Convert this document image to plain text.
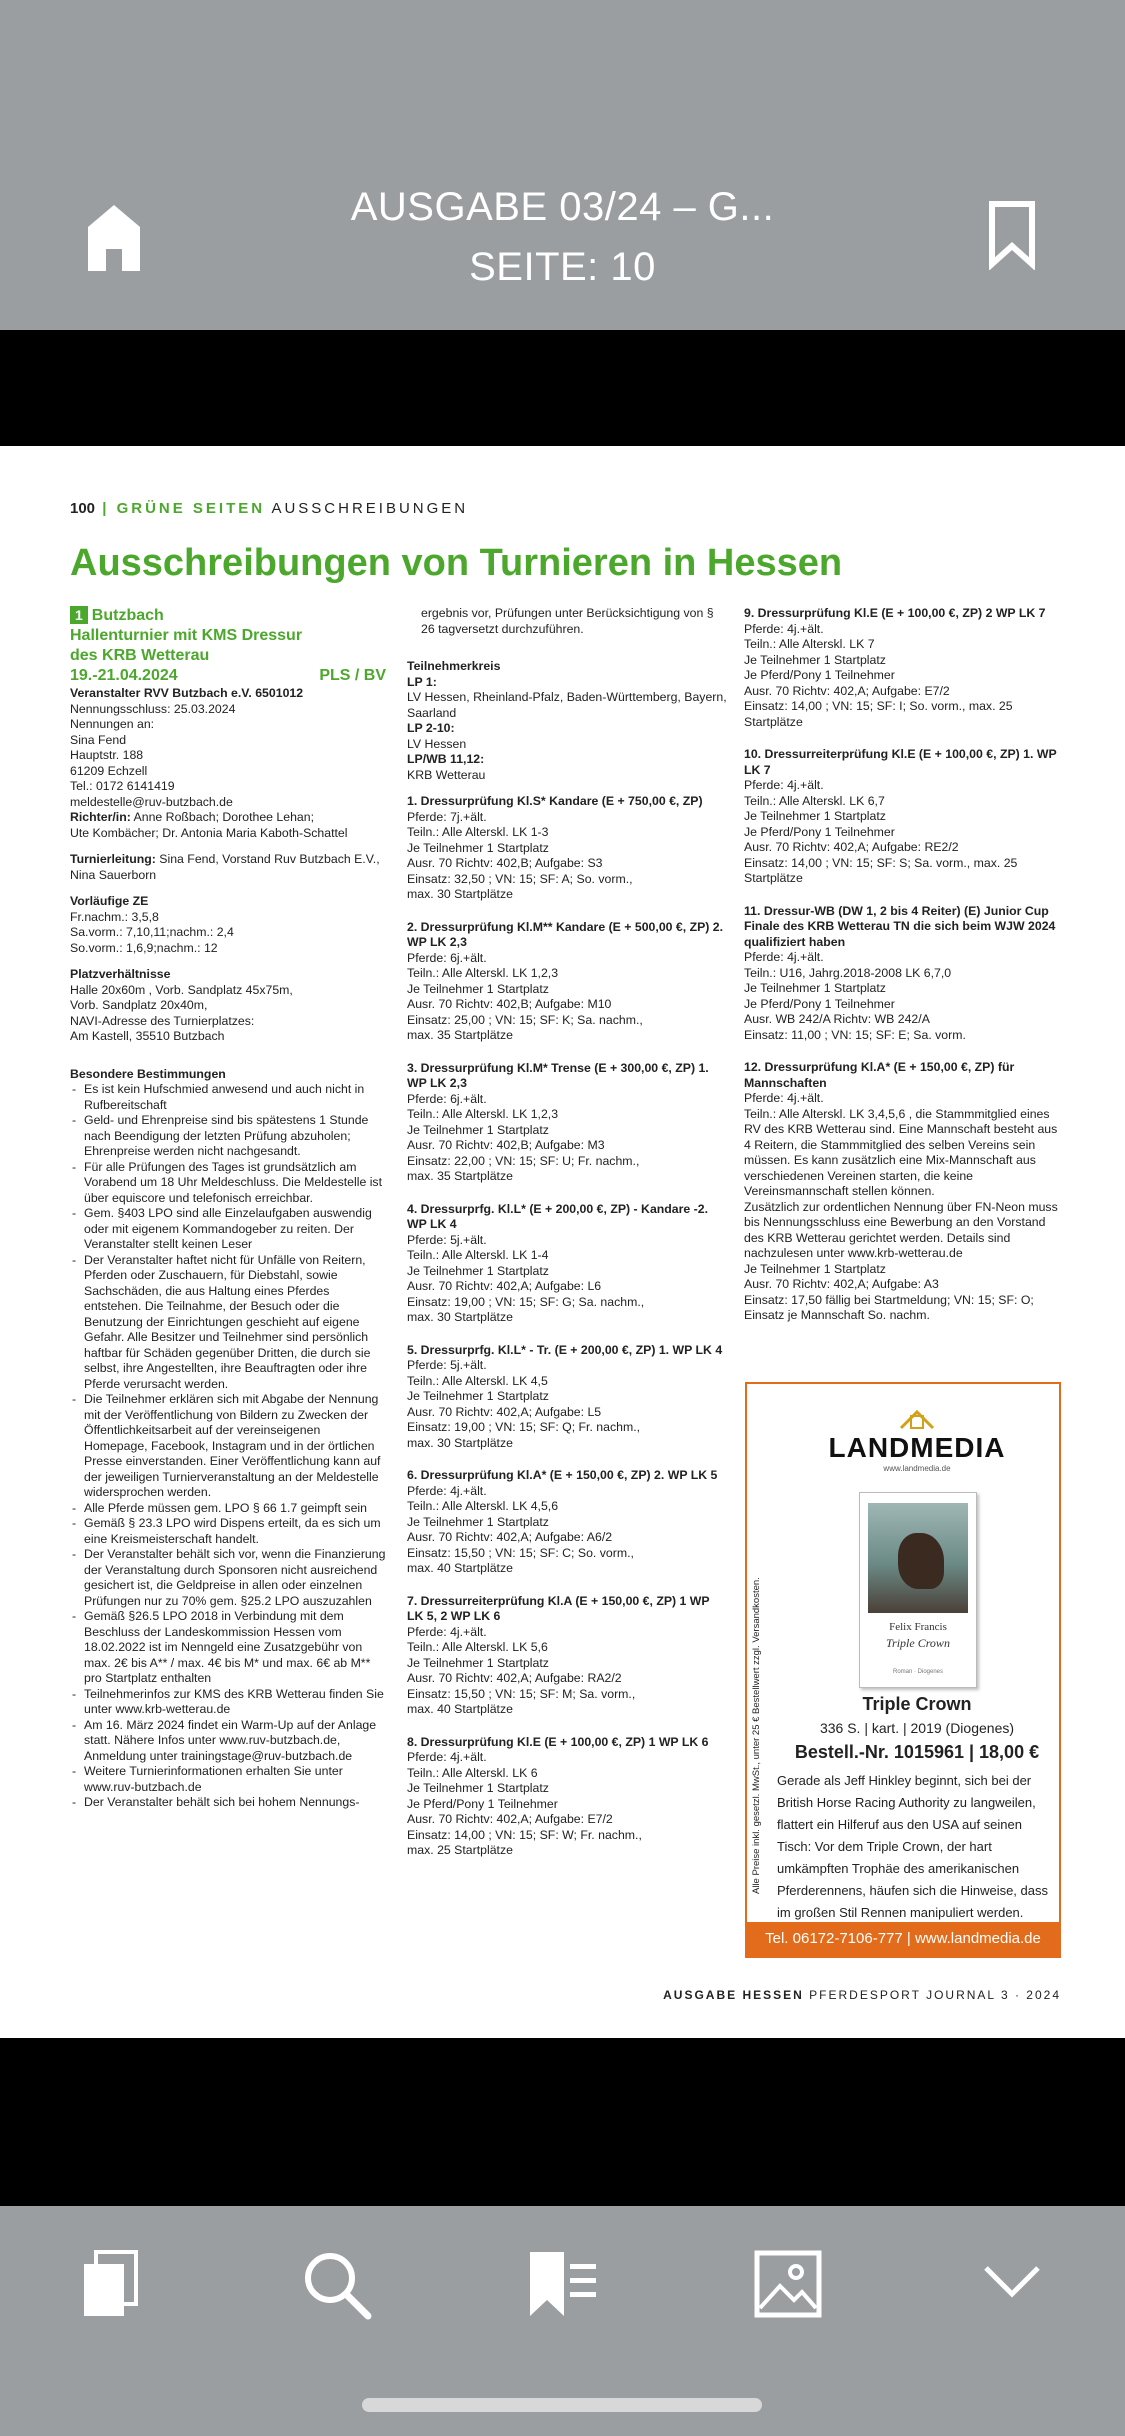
AUSGABE 03/24 – G...
SEITE: 10
100 | GRÜNE SEITEN AUSSCHREIBUNGEN
Ausschreibungen von Turnieren in Hessen
1 Butzbach
Hallenturnier mit KMS Dressur
des KRB Wetterau
19.-21.04.2024	PLS / BV

Veranstalter RVV Butzbach e.V. 6501012

Nennungsschluss: 25.03.2024

Nennungen an:

Sina Fend

Hauptstr. 188

61209 Echzell

Tel.: 0172 6141419

meldestelle@ruv-butzbach.de

Richter/in: Anne Roßbach; Dorothee Lehan;

Ute Kombächer; Dr. Antonia Maria Kaboth-Schattel

Turnierleitung: Sina Fend, Vorstand Ruv Butzbach E.V., Nina Sauerborn

Vorläufige ZE

Fr.nachm.: 3,5,8

Sa.vorm.: 7,10,11;nachm.: 2,4

So.vorm.: 1,6,9;nachm.: 12

Platzverhältnisse

Halle 20x60m , Vorb. Sandplatz 45x75m,

Vorb. Sandplatz 20x40m,

NAVI-Adresse des Turnierplatzes:

Am Kastell, 35510 Butzbach

Besondere Bestimmungen

- Es ist kein Hufschmied anwesend und auch nicht in Rufbereitschaft
- Geld- und Ehrenpreise sind bis spätestens 1 Stunde nach Beendigung der letzten Prüfung abzuholen; Ehrenpreise werden nicht nachgesandt.
- Für alle Prüfungen des Tages ist grundsätzlich am Vorabend um 18 Uhr Meldeschluss. Die Meldestelle ist über equiscore und telefonisch erreichbar.
- Gem. §403 LPO sind alle Einzelaufgaben auswendig oder mit eigenem Kommandogeber zu reiten. Der Veranstalter stellt keinen Leser
- Der Veranstalter haftet nicht für Unfälle von Reitern, Pferden oder Zuschauern, für Diebstahl, sowie Sachschäden, die aus Haltung eines Pferdes entstehen. Die Teilnahme, der Besuch oder die Benutzung der Einrichtungen geschieht auf eigene Gefahr. Alle Besitzer und Teilnehmer sind persönlich haftbar für Schäden gegenüber Dritten, die durch sie selbst, ihre Angestellten, ihre Beauftragten oder ihre Pferde verursacht werden.
- Die Teilnehmer erklären sich mit Abgabe der Nennung mit der Veröffentlichung von Bildern zu Zwecken der Öffentlichkeitsarbeit auf der vereinseigenen Homepage, Facebook, Instagram und in der örtlichen Presse einverstanden. Einer Veröffentlichung kann auf der jeweiligen Turnierveranstaltung an der Meldestelle widersprochen werden.
- Alle Pferde müssen gem. LPO § 66 1.7 geimpft sein
- Gemäß § 23.3 LPO wird Dispens erteilt, da es sich um eine Kreismeisterschaft handelt.
- Der Veranstalter behält sich vor, wenn die Finanzierung der Veranstaltung durch Sponsoren nicht ausreichend gesichert ist, die Geldpreise in allen oder einzelnen Prüfungen nur zu 70% gem. §25.2 LPO auszuzahlen
- Gemäß §26.5 LPO 2018 in Verbindung mit dem Beschluss der Landeskommission Hessen vom 18.02.2022 ist im Nenngeld eine Zusatzgebühr von max. 2€ bis A** / max. 4€ bis M* und max. 6€ ab M** pro Startplatz enthalten
- Teilnehmerinfos zur KMS des KRB Wetterau finden Sie unter www.krb-wetterau.de
- Am 16. März 2024 findet ein Warm-Up auf der Anlage statt. Nähere Infos unter www.ruv-butzbach.de, Anmeldung unter trainingstage@ruv-butzbach.de
- Weitere Turnierinformationen erhalten Sie unter www.ruv-butzbach.de
- Der Veranstalter behält sich bei hohem Nennungs-

ergebnis vor, Prüfungen unter Berücksichtigung von § 26 tagversetzt durchzuführen.

Teilnehmerkreis

LP 1:

LV Hessen, Rheinland-Pfalz, Baden-Württemberg, Bayern, Saarland

LP 2-10:

LV Hessen

LP/WB 11,12:

KRB Wetterau

1. Dressurprüfung Kl.S* Kandare (E + 750,00 €, ZP)

Pferde: 7j.+ält.

Teiln.: Alle Alterskl. LK 1-3

Je Teilnehmer 1 Startplatz

Ausr. 70 Richtv: 402,B; Aufgabe: S3

Einsatz: 32,50 ; VN: 15; SF: A; So. vorm.,

max. 30 Startplätze

2. Dressurprüfung Kl.M** Kandare (E + 500,00 €, ZP) 2. WP LK 2,3

Pferde: 6j.+ält.

Teiln.: Alle Alterskl. LK 1,2,3

Je Teilnehmer 1 Startplatz

Ausr. 70 Richtv: 402,B; Aufgabe: M10

Einsatz: 25,00 ; VN: 15; SF: K; Sa. nachm.,

max. 35 Startplätze

3. Dressurprüfung Kl.M* Trense (E + 300,00 €, ZP) 1. WP LK 2,3

Pferde: 6j.+ält.

Teiln.: Alle Alterskl. LK 1,2,3

Je Teilnehmer 1 Startplatz

Ausr. 70 Richtv: 402,B; Aufgabe: M3

Einsatz: 22,00 ; VN: 15; SF: U; Fr. nachm.,

max. 35 Startplätze

4. Dressurprfg. Kl.L* (E + 200,00 €, ZP) - Kandare -2. WP LK 4

Pferde: 5j.+ält.

Teiln.: Alle Alterskl. LK 1-4

Je Teilnehmer 1 Startplatz

Ausr. 70 Richtv: 402,A; Aufgabe: L6

Einsatz: 19,00 ; VN: 15; SF: G; Sa. nachm.,

max. 30 Startplätze

5. Dressurprfg. Kl.L* - Tr. (E + 200,00 €, ZP) 1. WP LK 4

Pferde: 5j.+ält.

Teiln.: Alle Alterskl. LK 4,5

Je Teilnehmer 1 Startplatz

Ausr. 70 Richtv: 402,A; Aufgabe: L5

Einsatz: 19,00 ; VN: 15; SF: Q; Fr. nachm.,

max. 30 Startplätze

6. Dressurprüfung Kl.A* (E + 150,00 €, ZP) 2. WP LK 5

Pferde: 4j.+ält.

Teiln.: Alle Alterskl. LK 4,5,6

Je Teilnehmer 1 Startplatz

Ausr. 70 Richtv: 402,A; Aufgabe: A6/2

Einsatz: 15,50 ; VN: 15; SF: C; So. vorm.,

max. 40 Startplätze

7. Dressurreiterprüfung Kl.A (E + 150,00 €, ZP) 1 WP LK 5, 2 WP LK 6

Pferde: 4j.+ält.

Teiln.: Alle Alterskl. LK 5,6

Je Teilnehmer 1 Startplatz

Ausr. 70 Richtv: 402,A; Aufgabe: RA2/2

Einsatz: 15,50 ; VN: 15; SF: M; Sa. vorm.,

max. 40 Startplätze

8. Dressurprüfung Kl.E (E + 100,00 €, ZP) 1 WP LK 6

Pferde: 4j.+ält.

Teiln.: Alle Alterskl. LK 6

Je Teilnehmer 1 Startplatz

Je Pferd/Pony 1 Teilnehmer

Ausr. 70 Richtv: 402,A; Aufgabe: E7/2

Einsatz: 14,00 ; VN: 15; SF: W; Fr. nachm.,

max. 25 Startplätze

9. Dressurprüfung Kl.E (E + 100,00 €, ZP) 2 WP LK 7

Pferde: 4j.+ält.

Teiln.: Alle Alterskl. LK 7

Je Teilnehmer 1 Startplatz

Je Pferd/Pony 1 Teilnehmer

Ausr. 70 Richtv: 402,A; Aufgabe: E7/2

Einsatz: 14,00 ; VN: 15; SF: I; So. vorm., max. 25 Startplätze

10. Dressurreiterprüfung Kl.E (E + 100,00 €, ZP) 1. WP LK 7

Pferde: 4j.+ält.

Teiln.: Alle Alterskl. LK 6,7

Je Teilnehmer 1 Startplatz

Je Pferd/Pony 1 Teilnehmer

Ausr. 70 Richtv: 402,A; Aufgabe: RE2/2

Einsatz: 14,00 ; VN: 15; SF: S; Sa. vorm., max. 25 Startplätze

11. Dressur-WB (DW 1, 2 bis 4 Reiter) (E) Junior Cup Finale des KRB Wetterau TN die sich beim WJW 2024 qualifiziert haben

Pferde: 4j.+ält.

Teiln.: U16, Jahrg.2018-2008 LK 6,7,0

Je Teilnehmer 1 Startplatz

Je Pferd/Pony 1 Teilnehmer

Ausr. WB 242/A Richtv: WB 242/A

Einsatz: 11,00 ; VN: 15; SF: E; Sa. vorm.

12. Dressurprüfung Kl.A* (E + 150,00 €, ZP) für Mannschaften

Pferde: 4j.+ält.

Teiln.: Alle Alterskl. LK 3,4,5,6 , die Stammmitglied eines RV des KRB Wetterau sind. Eine Mannschaft besteht aus 4 Reitern, die Stammmitglied des selben Vereins sein müssen. Es kann zusätzlich eine Mix-Mannschaft aus verschiedenen Vereinen starten, die keine Vereinsmannschaft stellen können.

Zusätzlich zur ordentlichen Nennung über FN-Neon muss bis Nennungsschluss eine Bewerbung an den Vorstand des KRB Wetterau gerichtet werden. Details sind nachzulesen unter www.krb-wetterau.de

Je Teilnehmer 1 Startplatz

Ausr. 70 Richtv: 402,A; Aufgabe: A3

Einsatz: 17,50 fällig bei Startmeldung; VN: 15; SF: O;

Einsatz je Mannschaft So. nachm.

Alle Preise inkl. gesetzl. MwSt., unter 25 € Bestellwert zzgl. Versandkosten.
LANDMEDIA
www.landmedia.de
Felix Francis
Triple Crown
Roman · Diogenes
Triple Crown
336 S. | kart. | 2019 (Diogenes)
Bestell.-Nr. 1015961 | 18,00 €
Gerade als Jeff Hinkley beginnt, sich bei der British Horse Racing Authority zu langweilen, flattert ein Hilferuf aus den USA auf seinen Tisch: Vor dem Triple Crown, der hart umkämpften Trophäe des amerikanischen Pferderennens, häufen sich die Hinweise, dass im großen Stil Rennen manipuliert werden.
Tel. 06172-7106-777 | www.landmedia.de
AUSGABE HESSEN PFERDESPORT JOURNAL 3 · 2024
